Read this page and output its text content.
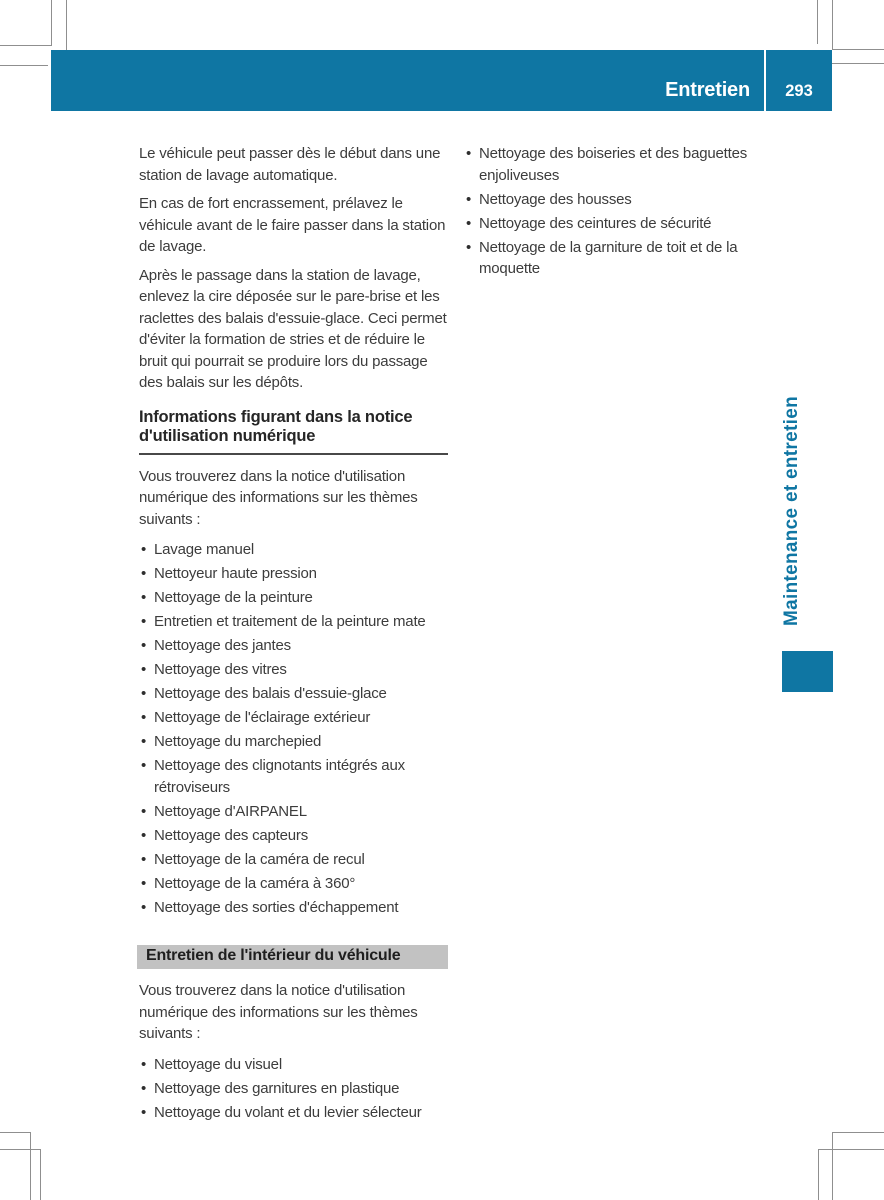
Entretien	293

Le véhicule peut passer dès le début dans une station de lavage automatique.

En cas de fort encrassement, prélavez le véhicule avant de le faire passer dans la station de lavage.

Après le passage dans la station de lavage, enlevez la cire déposée sur le pare-brise et les raclettes des balais d'essuie-glace. Ceci permet d'éviter la formation de stries et de réduire le bruit qui pourrait se produire lors du passage des balais sur les dépôts.

Informations figurant dans la notice d'utilisation numérique

Vous trouverez dans la notice d'utilisation numérique des informations sur les thèmes suivants :

• Lavage manuel
• Nettoyeur haute pression
• Nettoyage de la peinture
• Entretien et traitement de la peinture mate
• Nettoyage des jantes
• Nettoyage des vitres
• Nettoyage des balais d'essuie-glace
• Nettoyage de l'éclairage extérieur
• Nettoyage du marchepied
• Nettoyage des clignotants intégrés aux rétroviseurs
• Nettoyage d'AIRPANEL
• Nettoyage des capteurs
• Nettoyage de la caméra de recul
• Nettoyage de la caméra à 360°
• Nettoyage des sorties d'échappement
Entretien de l'intérieur du véhicule

Vous trouverez dans la notice d'utilisation numérique des informations sur les thèmes suivants :

• Nettoyage du visuel
• Nettoyage des garnitures en plastique
• Nettoyage du volant et du levier sélecteur
• Nettoyage des boiseries et des baguettes enjoliveuses
• Nettoyage des housses
• Nettoyage des ceintures de sécurité
• Nettoyage de la garniture de toit et de la moquette
Maintenance et entretien
